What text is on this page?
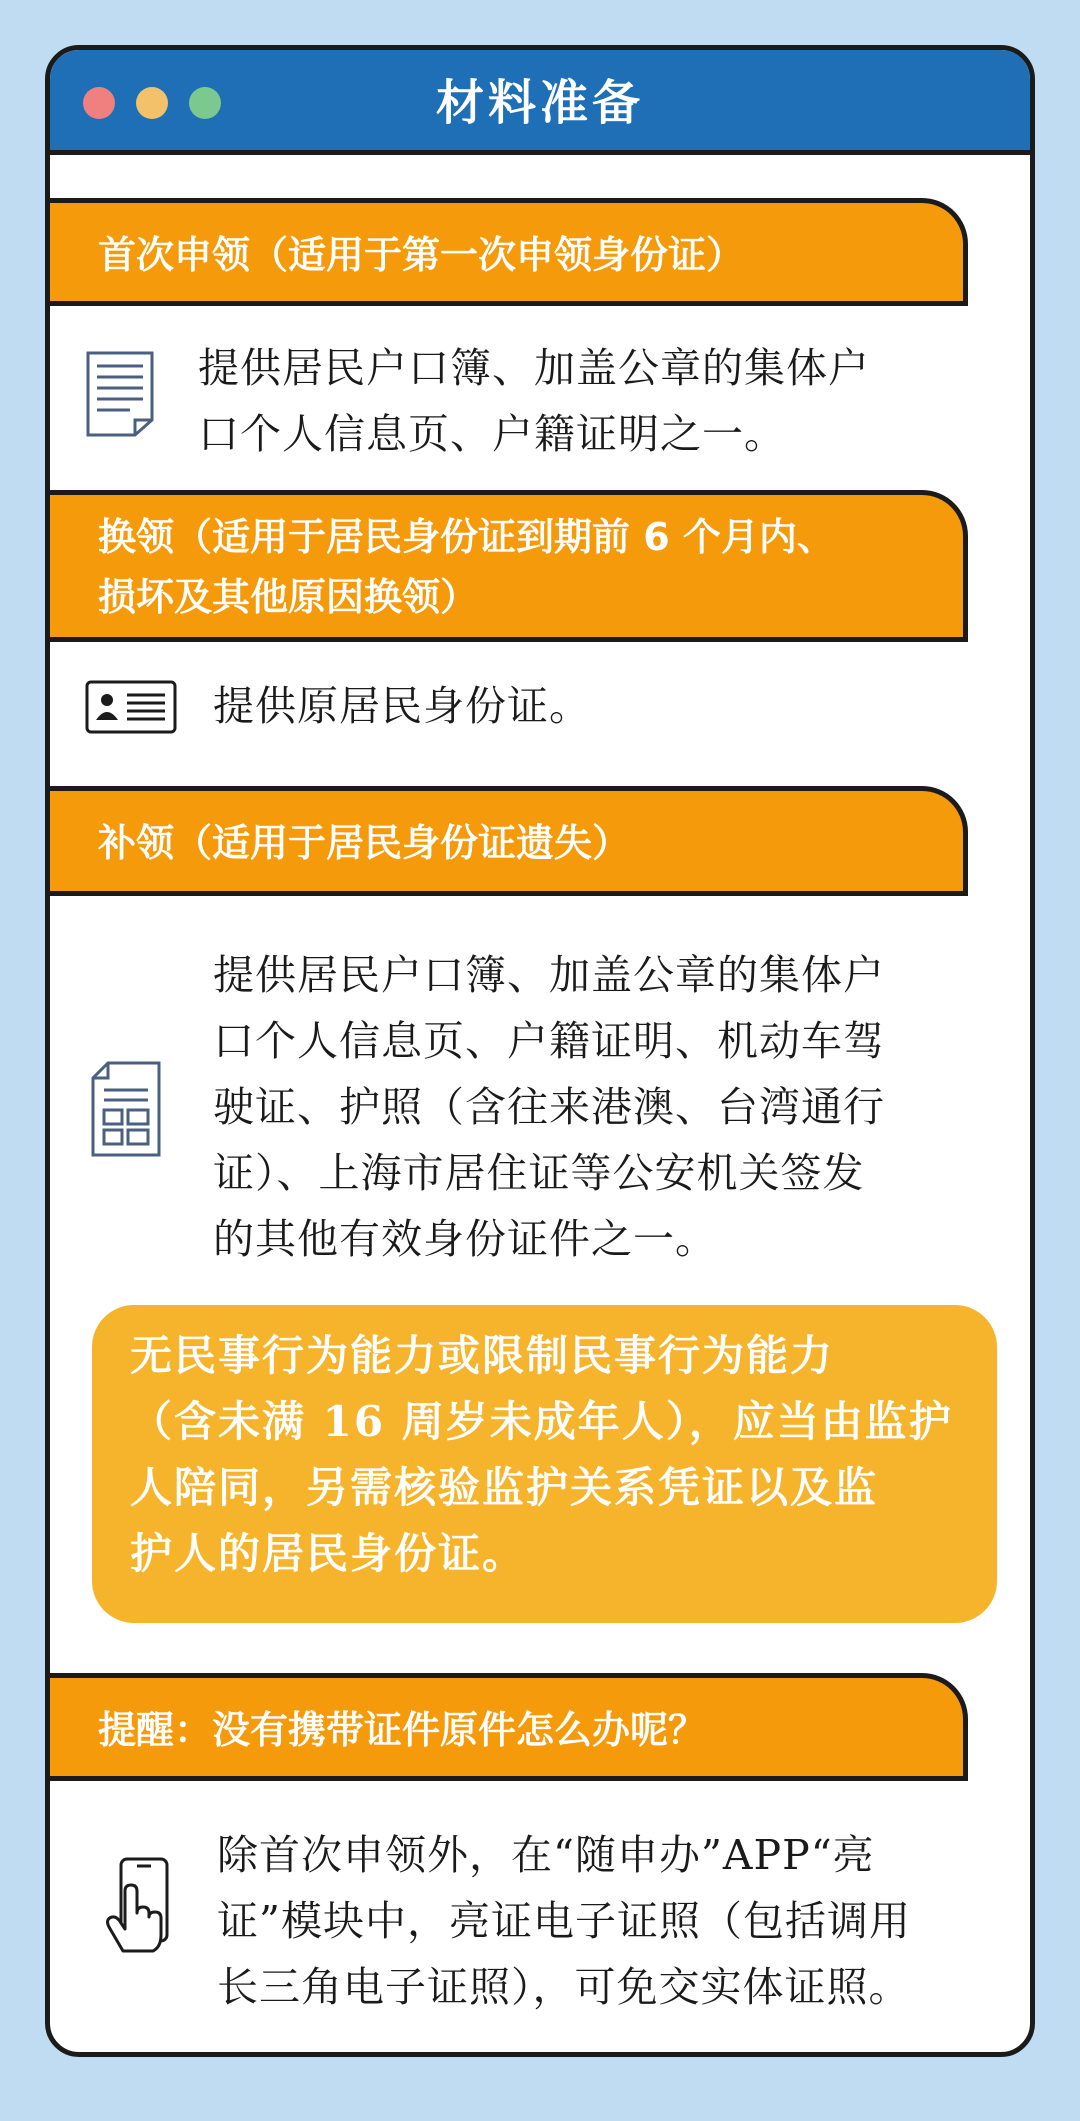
材料准备
首次申领（适用于第一次申领身份证）
提供居民户口簿、加盖公章的集体户
口个人信息页、户籍证明之一。
换领（适用于居民身份证到期前 6 个月内、
损坏及其他原因换领）
提供原居民身份证。
补领（适用于居民身份证遗失）
提供居民户口簿、加盖公章的集体户
口个人信息页、户籍证明、机动车驾
驶证、护照（含往来港澳、台湾通行
证）、上海市居住证等公安机关签发
的其他有效身份证件之一。
无民事行为能力或限制民事行为能力
（含未满 16 周岁未成年人），应当由监护
人陪同，另需核验监护关系凭证以及监
护人的居民身份证。
提醒：没有携带证件原件怎么办呢？
除首次申领外，在“随申办”APP“亮
证”模块中，亮证电子证照（包括调用
长三角电子证照），可免交实体证照。
